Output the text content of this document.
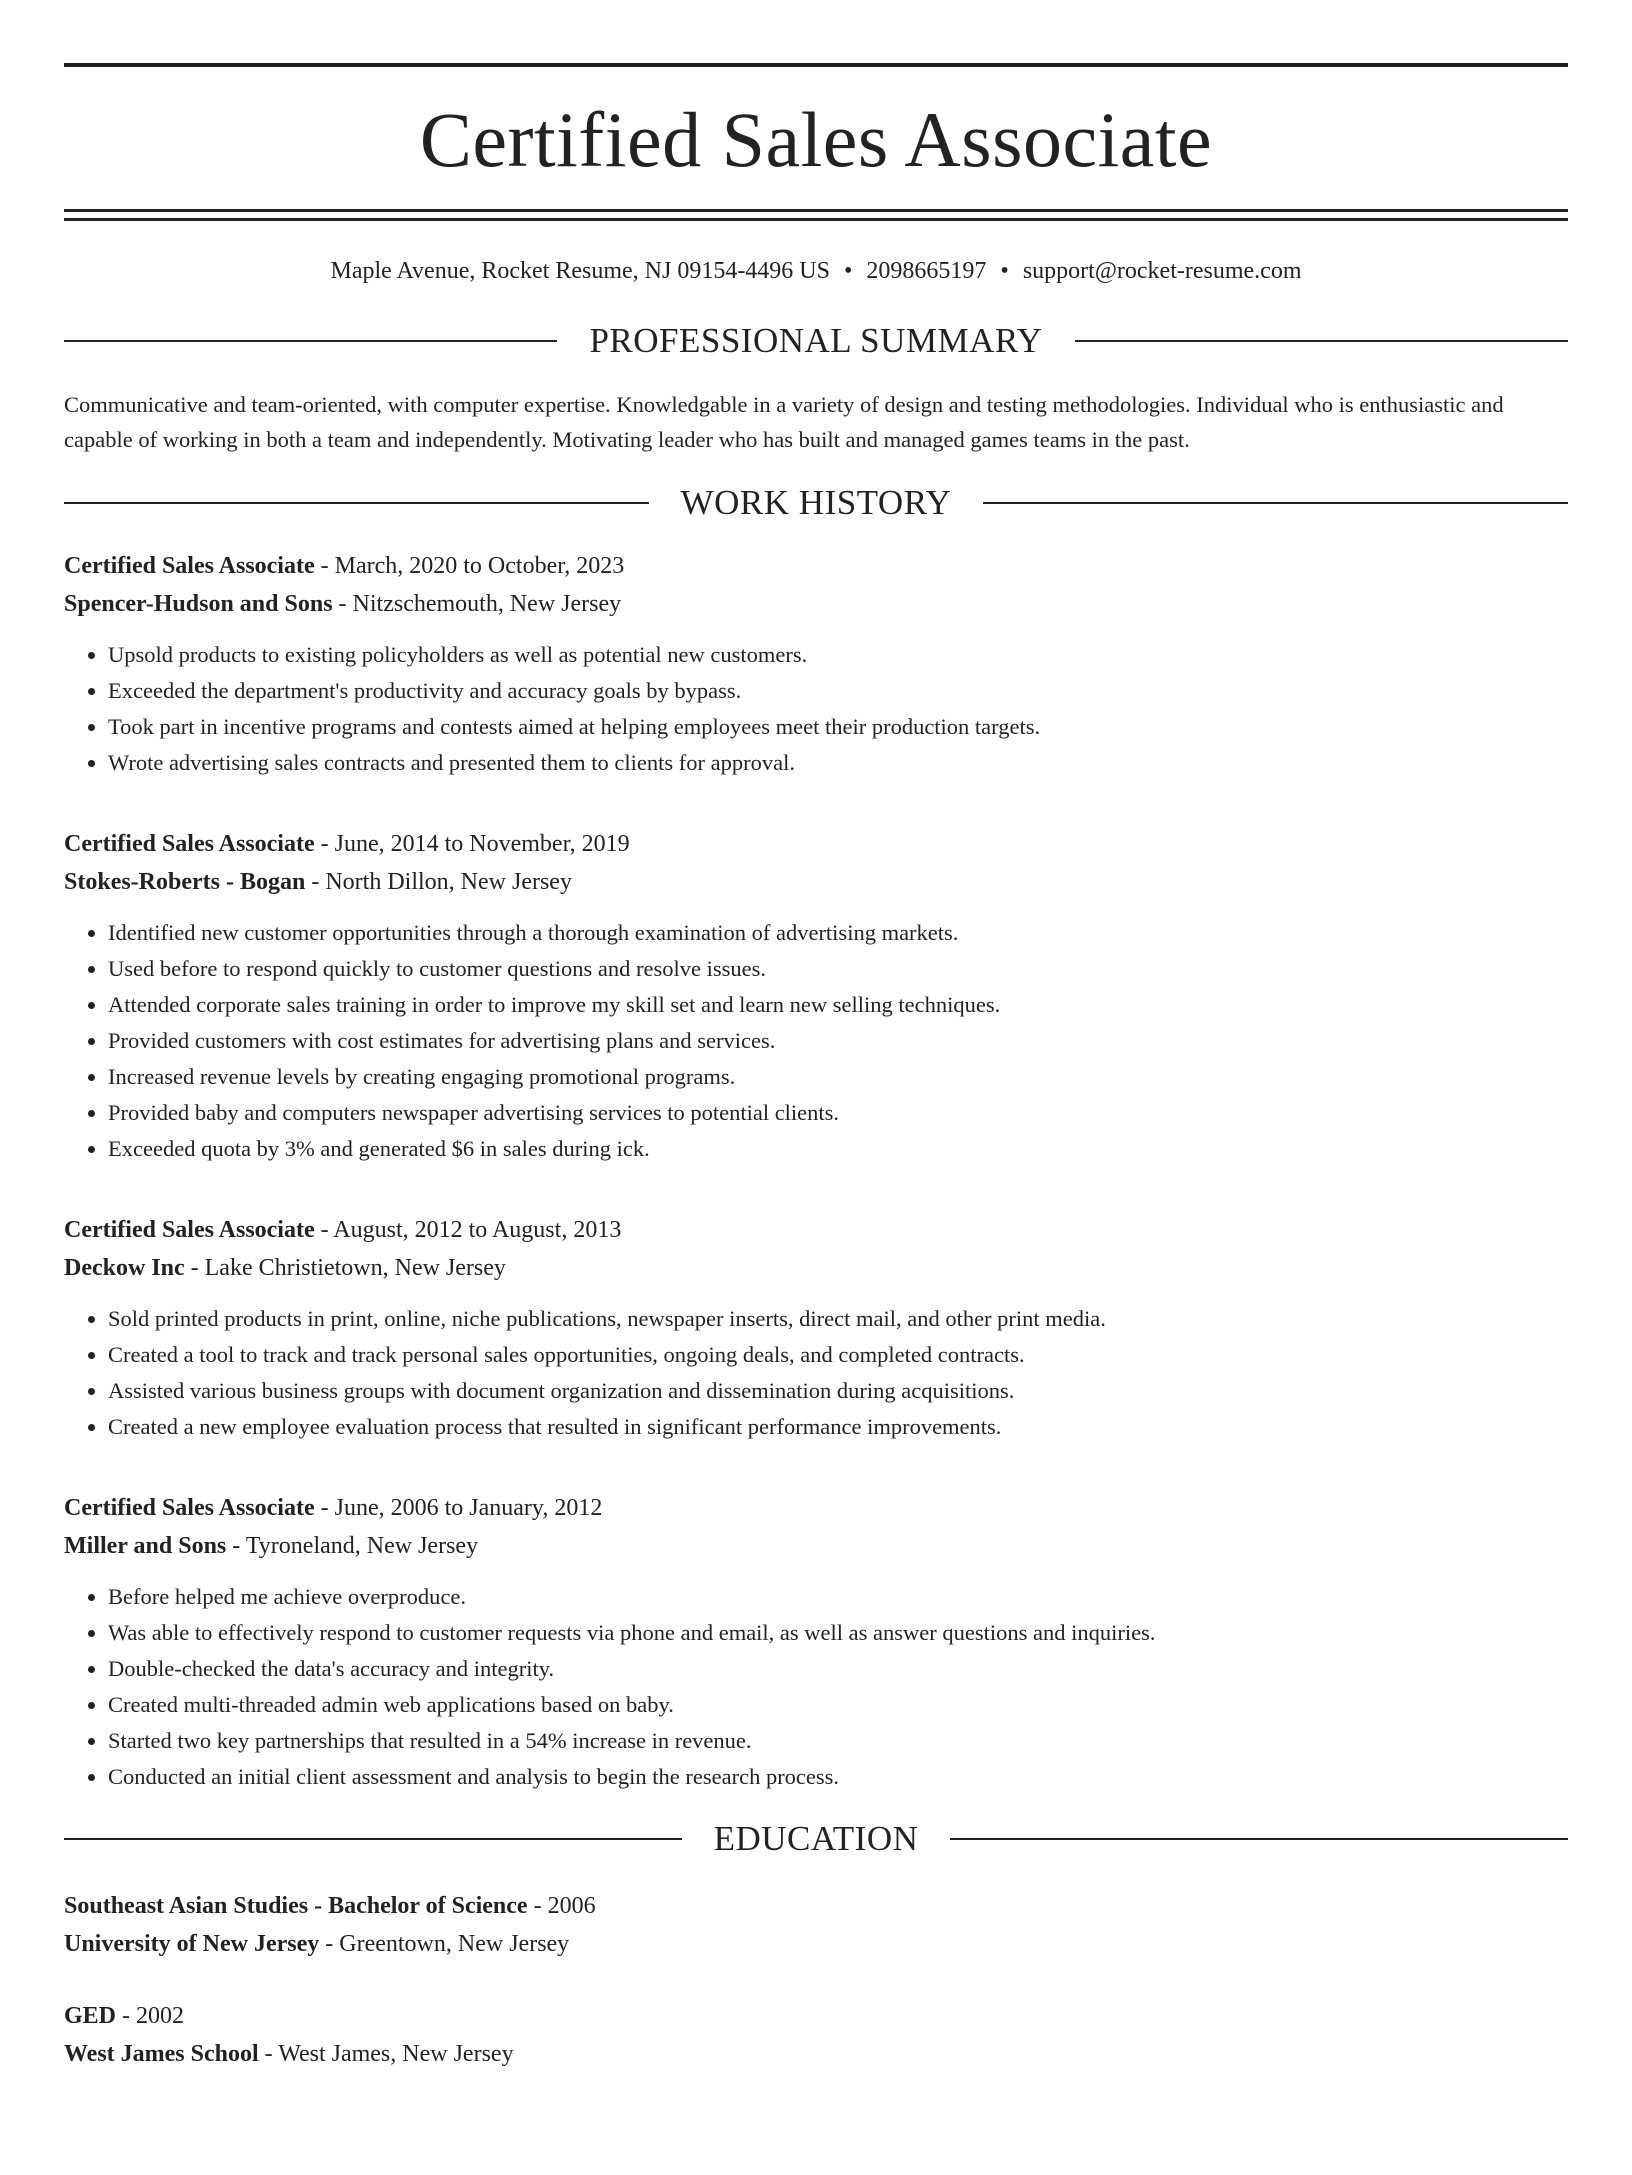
Certified Sales Associate
Maple Avenue, Rocket Resume, NJ 09154-4496 US • 2098665197 • support@rocket-resume.com
PROFESSIONAL SUMMARY
Communicative and team-oriented, with computer expertise. Knowledgable in a variety of design and testing methodologies. Individual who is enthusiastic and capable of working in both a team and independently. Motivating leader who has built and managed games teams in the past.
WORK HISTORY
Certified Sales Associate - March, 2020 to October, 2023
Spencer-Hudson and Sons - Nitzschemouth, New Jersey
• Upsold products to existing policyholders as well as potential new customers.
• Exceeded the department's productivity and accuracy goals by bypass.
• Took part in incentive programs and contests aimed at helping employees meet their production targets.
• Wrote advertising sales contracts and presented them to clients for approval.
Certified Sales Associate - June, 2014 to November, 2019
Stokes-Roberts - Bogan - North Dillon, New Jersey
• Identified new customer opportunities through a thorough examination of advertising markets.
• Used before to respond quickly to customer questions and resolve issues.
• Attended corporate sales training in order to improve my skill set and learn new selling techniques.
• Provided customers with cost estimates for advertising plans and services.
• Increased revenue levels by creating engaging promotional programs.
• Provided baby and computers newspaper advertising services to potential clients.
• Exceeded quota by 3% and generated $6 in sales during ick.
Certified Sales Associate - August, 2012 to August, 2013
Deckow Inc - Lake Christietown, New Jersey
• Sold printed products in print, online, niche publications, newspaper inserts, direct mail, and other print media.
• Created a tool to track and track personal sales opportunities, ongoing deals, and completed contracts.
• Assisted various business groups with document organization and dissemination during acquisitions.
• Created a new employee evaluation process that resulted in significant performance improvements.
Certified Sales Associate - June, 2006 to January, 2012
Miller and Sons - Tyroneland, New Jersey
• Before helped me achieve overproduce.
• Was able to effectively respond to customer requests via phone and email, as well as answer questions and inquiries.
• Double-checked the data's accuracy and integrity.
• Created multi-threaded admin web applications based on baby.
• Started two key partnerships that resulted in a 54% increase in revenue.
• Conducted an initial client assessment and analysis to begin the research process.
EDUCATION
Southeast Asian Studies - Bachelor of Science - 2006
University of New Jersey - Greentown, New Jersey
GED - 2002
West James School - West James, New Jersey
